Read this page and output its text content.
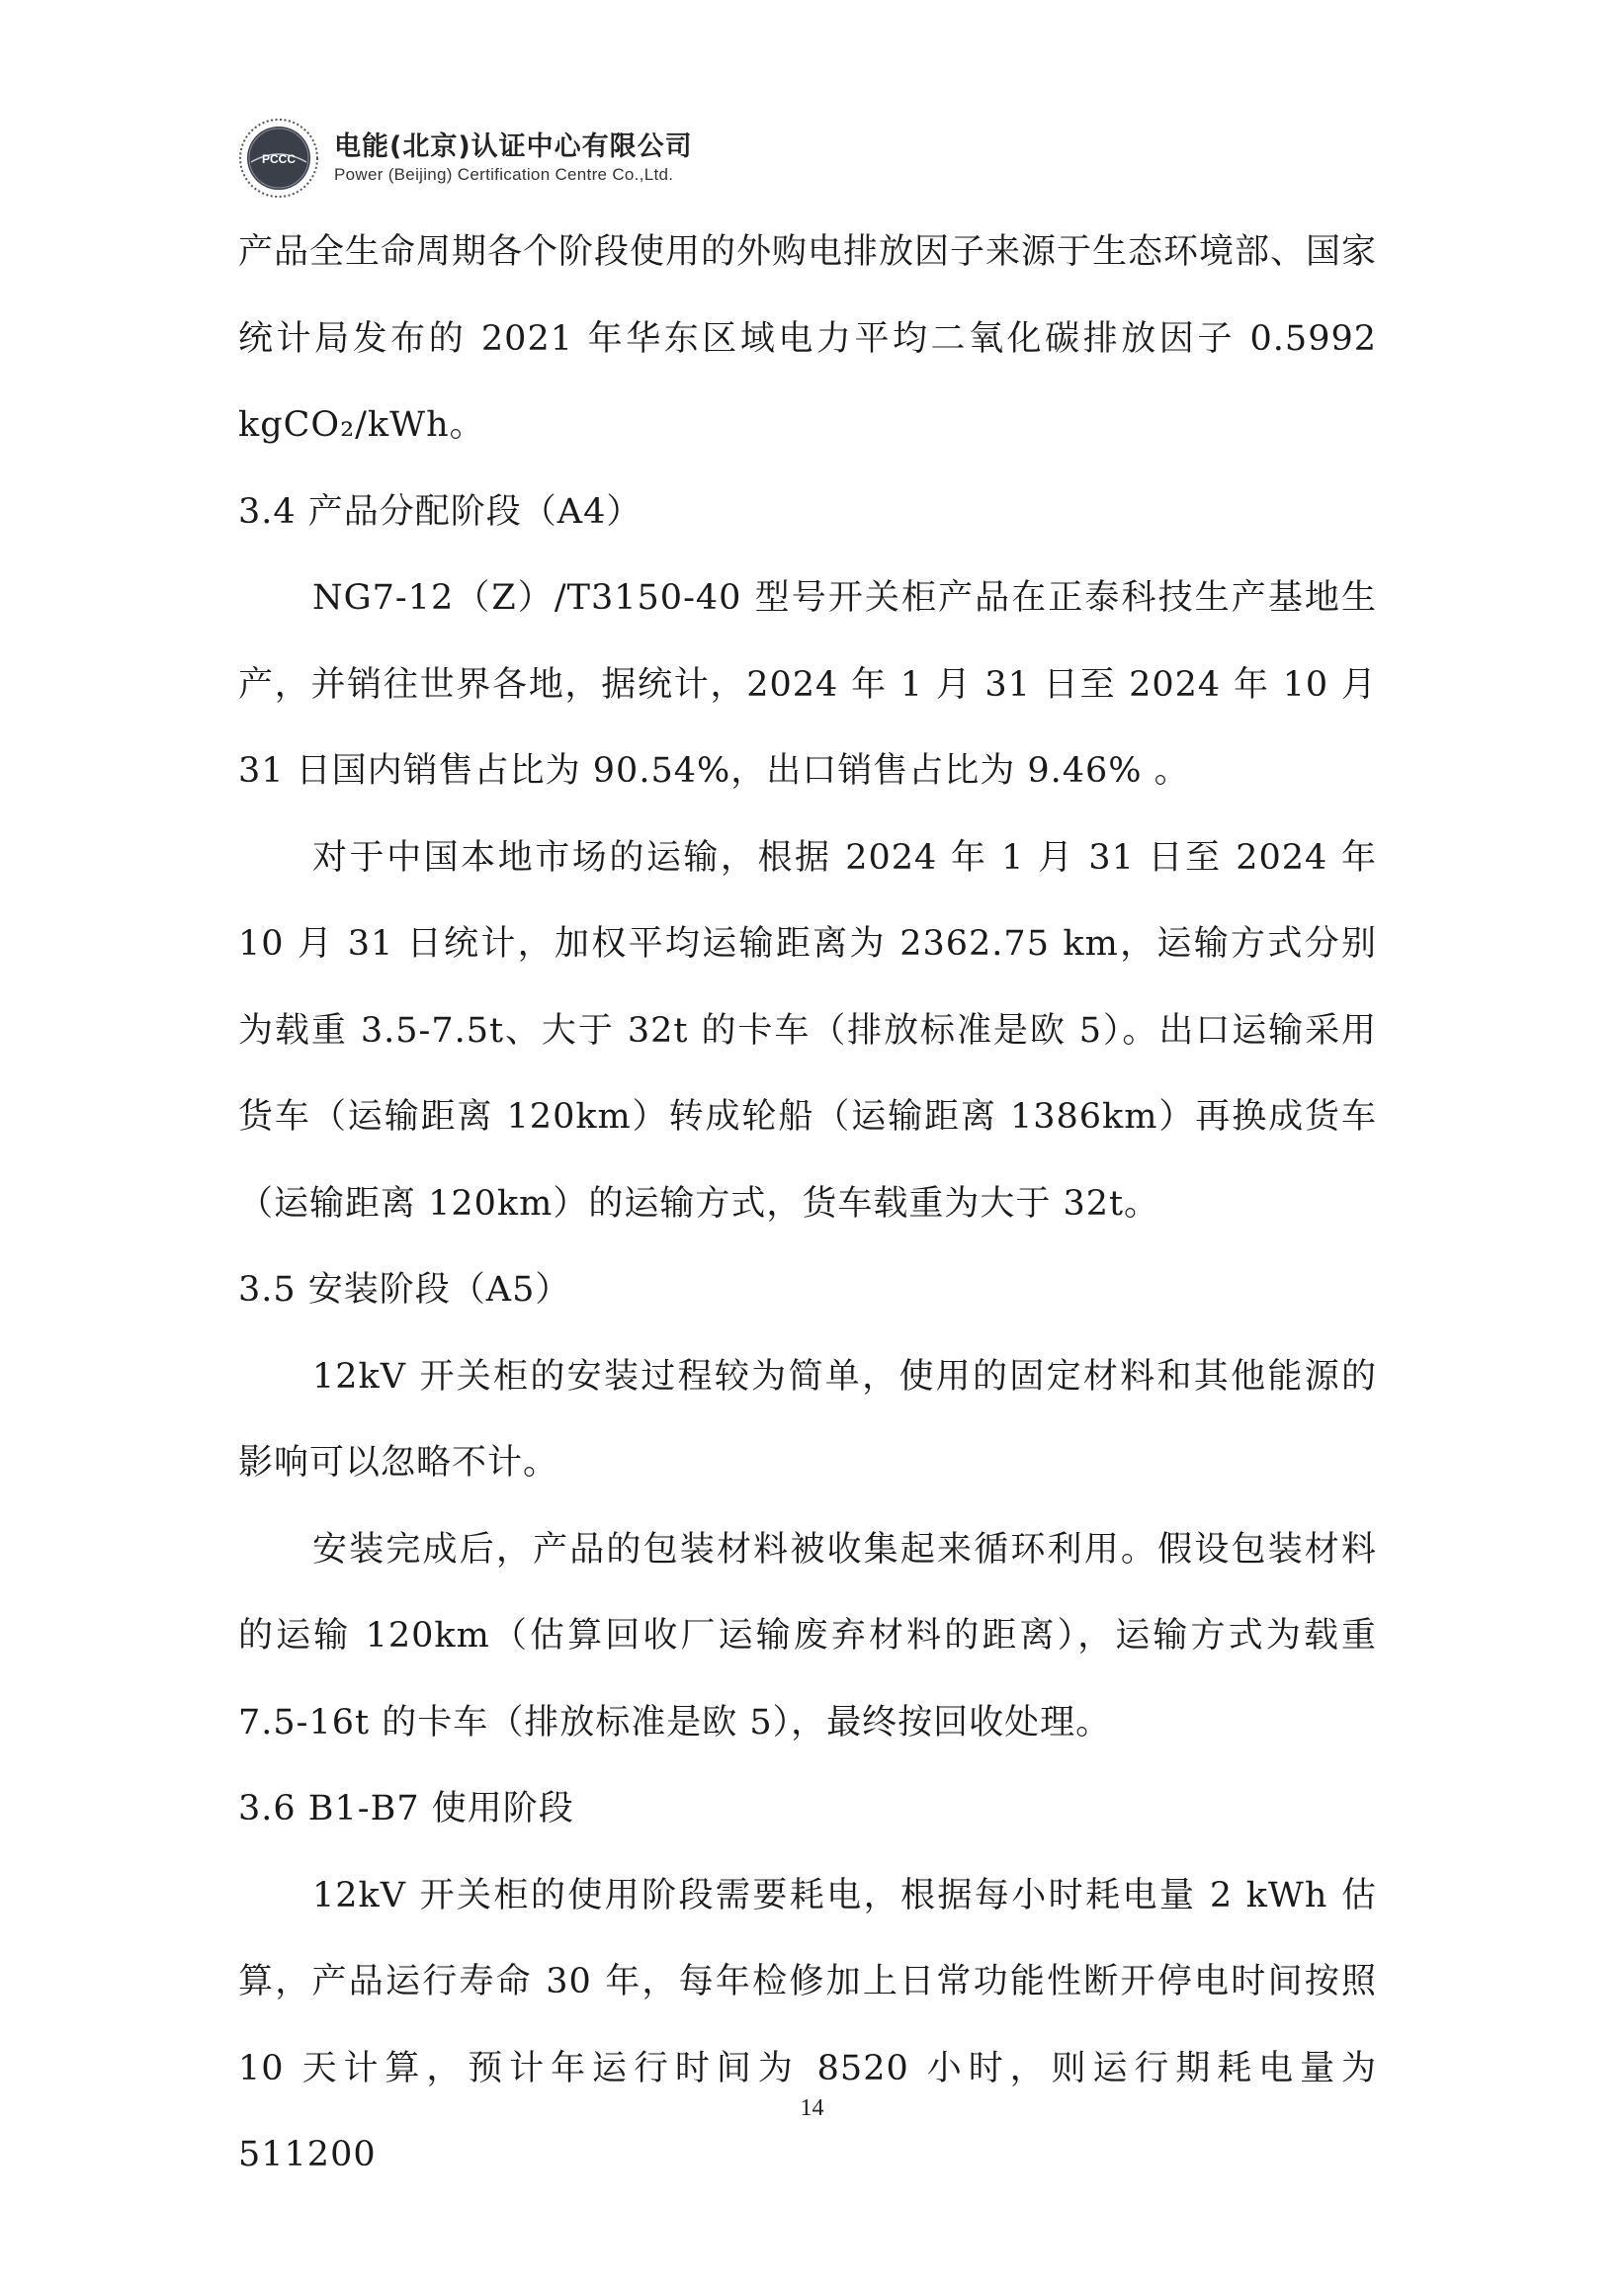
PCCC 电能(北京)认证中心有限公司
Power (Beijing) Certification Centre Co.,Ltd.

产品全生命周期各个阶段使用的外购电排放因子来源于生态环境部、国家统计局发布的 2021 年华东区域电力平均二氧化碳排放因子 0.5992 kgCO₂/kWh。

3.4 产品分配阶段（A4）

NG7-12（Z）/T3150-40 型号开关柜产品在正泰科技生产基地生产，并销往世界各地，据统计，2024 年 1 月 31 日至 2024 年 10 月 31 日国内销售占比为 90.54%，出口销售占比为 9.46% 。

对于中国本地市场的运输，根据 2024 年 1 月 31 日至 2024 年 10 月 31 日统计，加权平均运输距离为 2362.75 km，运输方式分别为载重 3.5-7.5t、大于 32t 的卡车（排放标准是欧 5）。出口运输采用货车（运输距离 120km）转成轮船（运输距离 1386km）再换成货车（运输距离 120km）的运输方式，货车载重为大于 32t。

3.5 安装阶段（A5）

12kV 开关柜的安装过程较为简单，使用的固定材料和其他能源的影响可以忽略不计。

安装完成后，产品的包装材料被收集起来循环利用。假设包装材料的运输 120km（估算回收厂运输废弃材料的距离），运输方式为载重 7.5-16t 的卡车（排放标准是欧 5），最终按回收处理。

3.6 B1-B7 使用阶段

12kV 开关柜的使用阶段需要耗电，根据每小时耗电量 2 kWh 估算，产品运行寿命 30 年，每年检修加上日常功能性断开停电时间按照 10 天计算，预计年运行时间为 8520 小时，则运行期耗电量为 511200

14
